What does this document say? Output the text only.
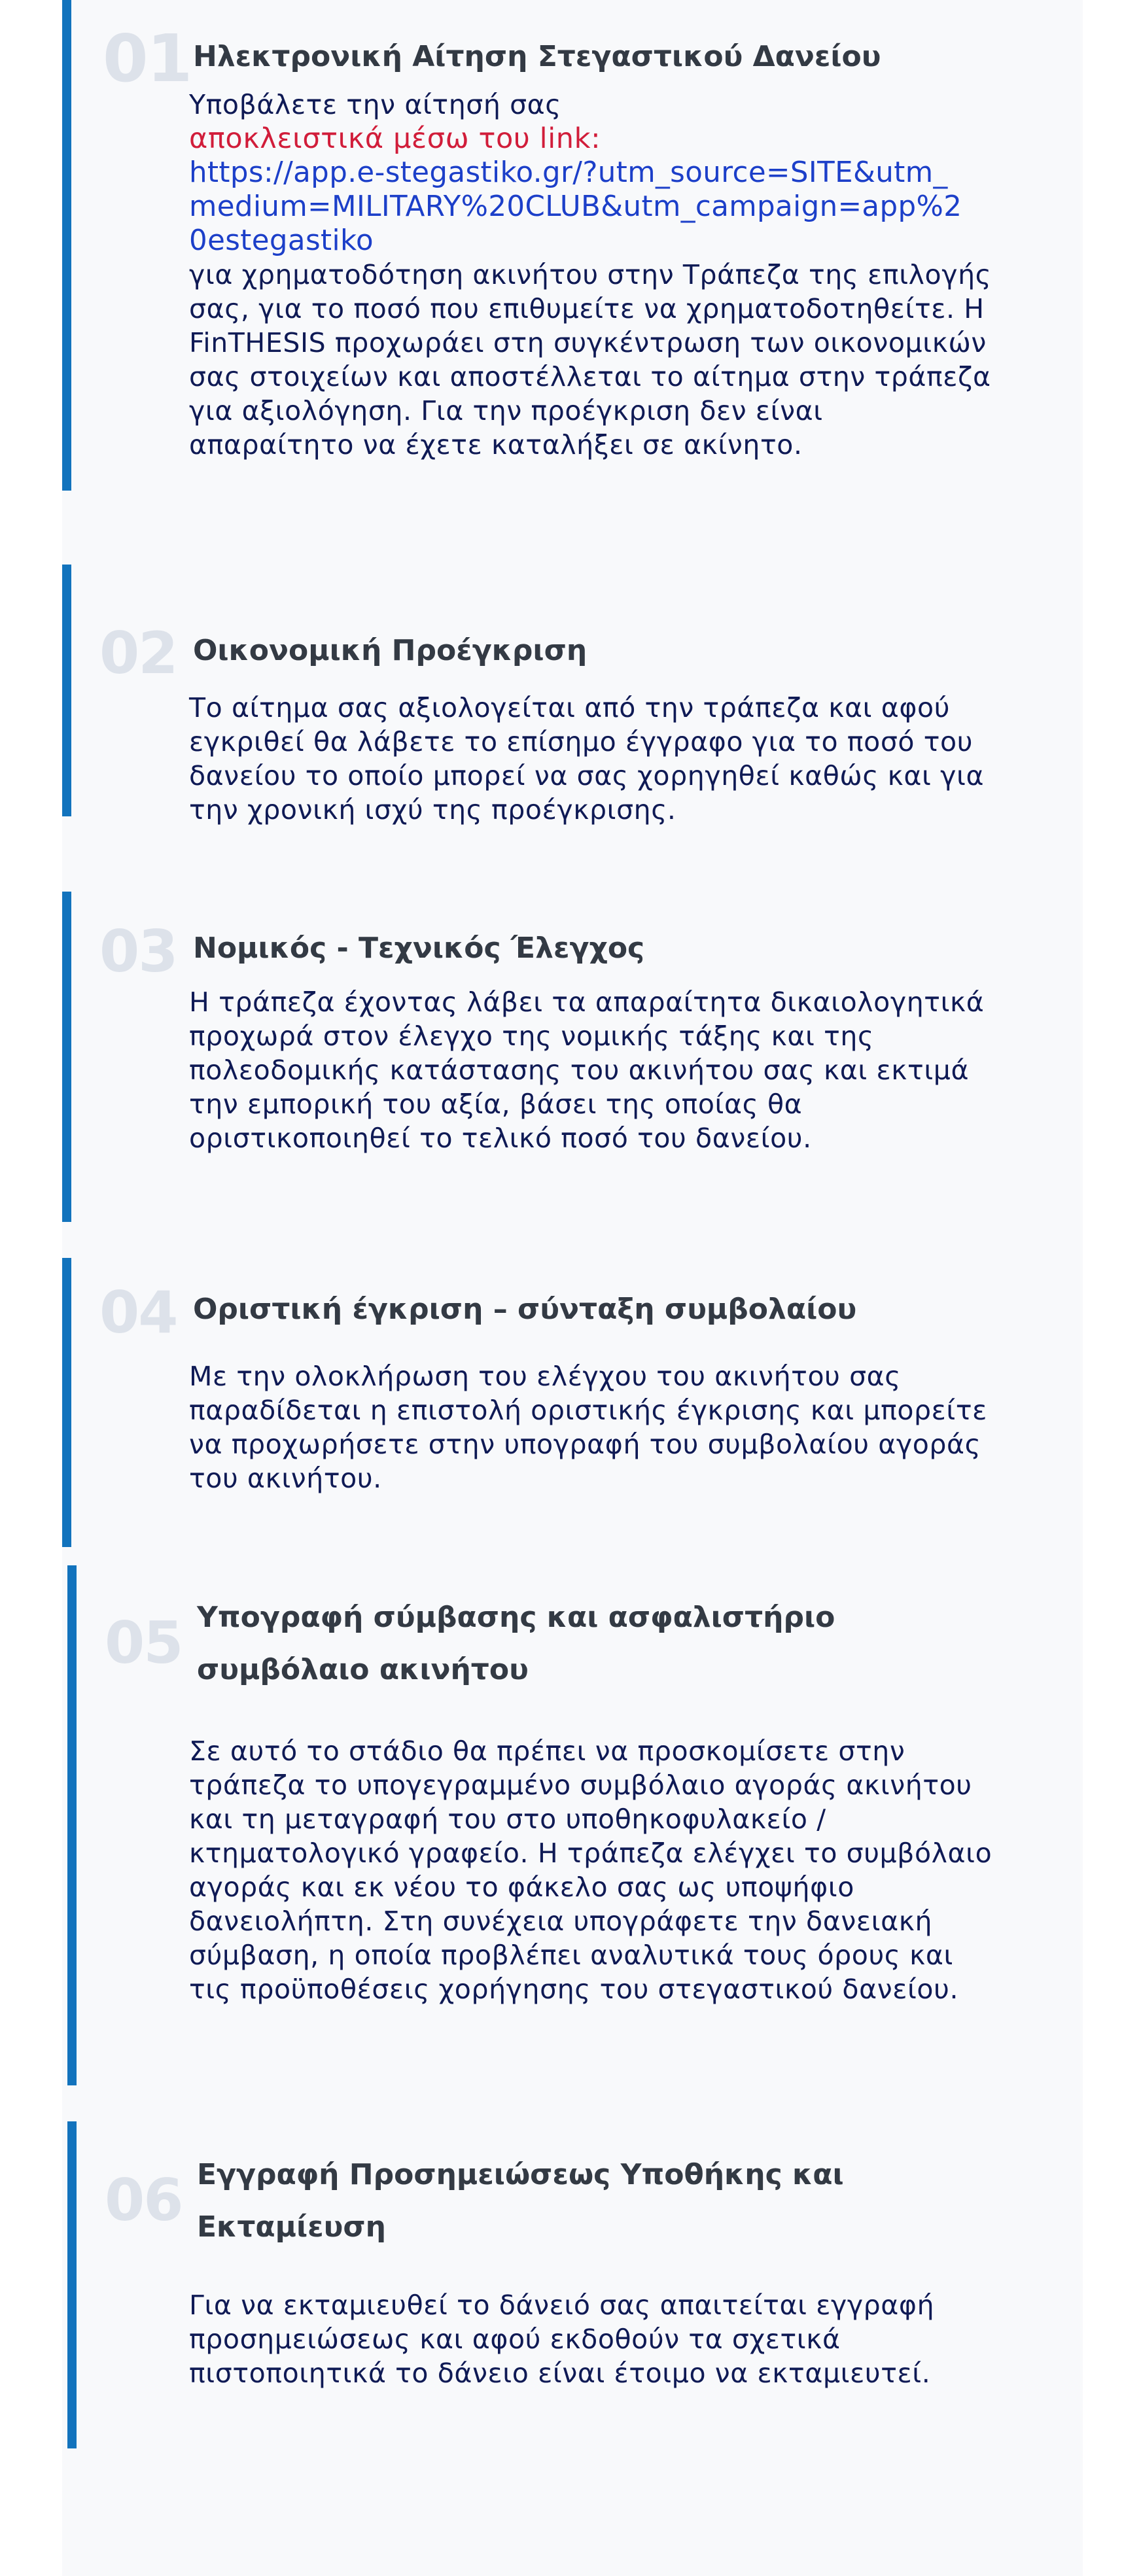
01 Ηλεκτρονική Αίτηση Στεγαστικού Δανείου

Υποβάλετε την αίτησή σας

αποκλειστικά μέσω του link:

https://app.e-stegastiko.gr/?utm_source=SITE&utm_medium=MILITARY%20CLUB&utm_campaign=app%20estegastiko

για χρηματοδότηση ακινήτου στην Τράπεζα της επιλογής σας, για το ποσό που επιθυμείτε να χρηματοδοτηθείτε. Η FinTHESIS προχωράει στη συγκέντρωση των οικονομικών σας στοιχείων και αποστέλλεται το αίτημα στην τράπεζα για αξιολόγηση. Για την προέγκριση δεν είναι απαραίτητο να έχετε καταλήξει σε ακίνητο.

02 Οικονομική Προέγκριση

Το αίτημα σας αξιολογείται από την τράπεζα και αφού εγκριθεί θα λάβετε το επίσημο έγγραφο για το ποσό του δανείου το οποίο μπορεί να σας χορηγηθεί καθώς και για την χρονική ισχύ της προέγκρισης.

03 Νομικός - Τεχνικός Έλεγχος

Η τράπεζα έχοντας λάβει τα απαραίτητα δικαιολογητικά προχωρά στον έλεγχο της νομικής τάξης και της πολεοδομικής κατάστασης του ακινήτου σας και εκτιμά την εμπορική του αξία, βάσει της οποίας θα οριστικοποιηθεί το τελικό ποσό του δανείου.

04 Οριστική έγκριση – σύνταξη συμβολαίου

Με την ολοκλήρωση του ελέγχου του ακινήτου σας παραδίδεται η επιστολή οριστικής έγκρισης και μπορείτε να προχωρήσετε στην υπογραφή του συμβολαίου αγοράς του ακινήτου.

05 Υπογραφή σύμβασης και ασφαλιστήριο συμβόλαιο ακινήτου

Σε αυτό το στάδιο θα πρέπει να προσκομίσετε στην τράπεζα το υπογεγραμμένο συμβόλαιο αγοράς ακινήτου και τη μεταγραφή του στο υποθηκοφυλακείο / κτηματολογικό γραφείο. Η τράπεζα ελέγχει το συμβόλαιο αγοράς και εκ νέου το φάκελο σας ως υποψήφιο δανειολήπτη. Στη συνέχεια υπογράφετε την δανειακή σύμβαση, η οποία προβλέπει αναλυτικά τους όρους και τις προϋποθέσεις χορήγησης του στεγαστικού δανείου.

06 Εγγραφή Προσημειώσεως Υποθήκης και Εκταμίευση

Για να εκταμιευθεί το δάνειό σας απαιτείται εγγραφή προσημειώσεως και αφού εκδοθούν τα σχετικά πιστοποιητικά το δάνειο είναι έτοιμο να εκταμιευτεί.
